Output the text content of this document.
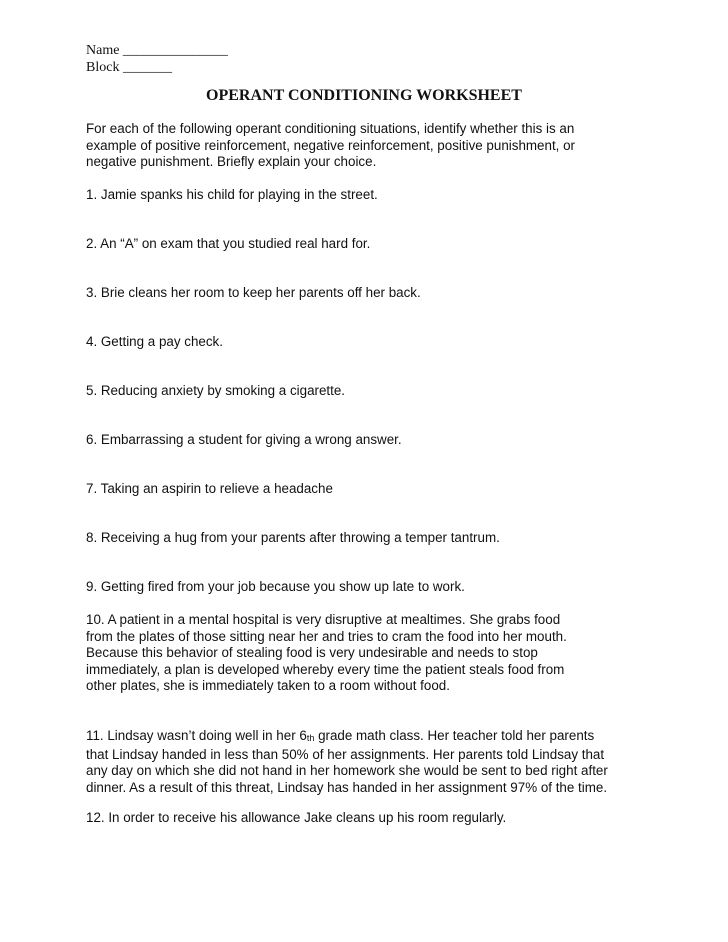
Name _______________
Block _______
OPERANT CONDITIONING WORKSHEET
For each of the following operant conditioning situations, identify whether this is an
example of positive reinforcement, negative reinforcement, positive punishment, or
negative punishment. Briefly explain your choice.
1. Jamie spanks his child for playing in the street.
2. An “A” on exam that you studied real hard for.
3. Brie cleans her room to keep her parents off her back.
4. Getting a pay check.
5. Reducing anxiety by smoking a cigarette.
6. Embarrassing a student for giving a wrong answer.
7. Taking an aspirin to relieve a headache
8. Receiving a hug from your parents after throwing a temper tantrum.
9. Getting fired from your job because you show up late to work.
10. A patient in a mental hospital is very disruptive at mealtimes. She grabs food
from the plates of those sitting near her and tries to cram the food into her mouth.
Because this behavior of stealing food is very undesirable and needs to stop
immediately, a plan is developed whereby every time the patient steals food from
other plates, she is immediately taken to a room without food.
11. Lindsay wasn’t doing well in her 6th grade math class. Her teacher told her parents
that Lindsay handed in less than 50% of her assignments. Her parents told Lindsay that
any day on which she did not hand in her homework she would be sent to bed right after
dinner. As a result of this threat, Lindsay has handed in her assignment 97% of the time.
12. In order to receive his allowance Jake cleans up his room regularly.
